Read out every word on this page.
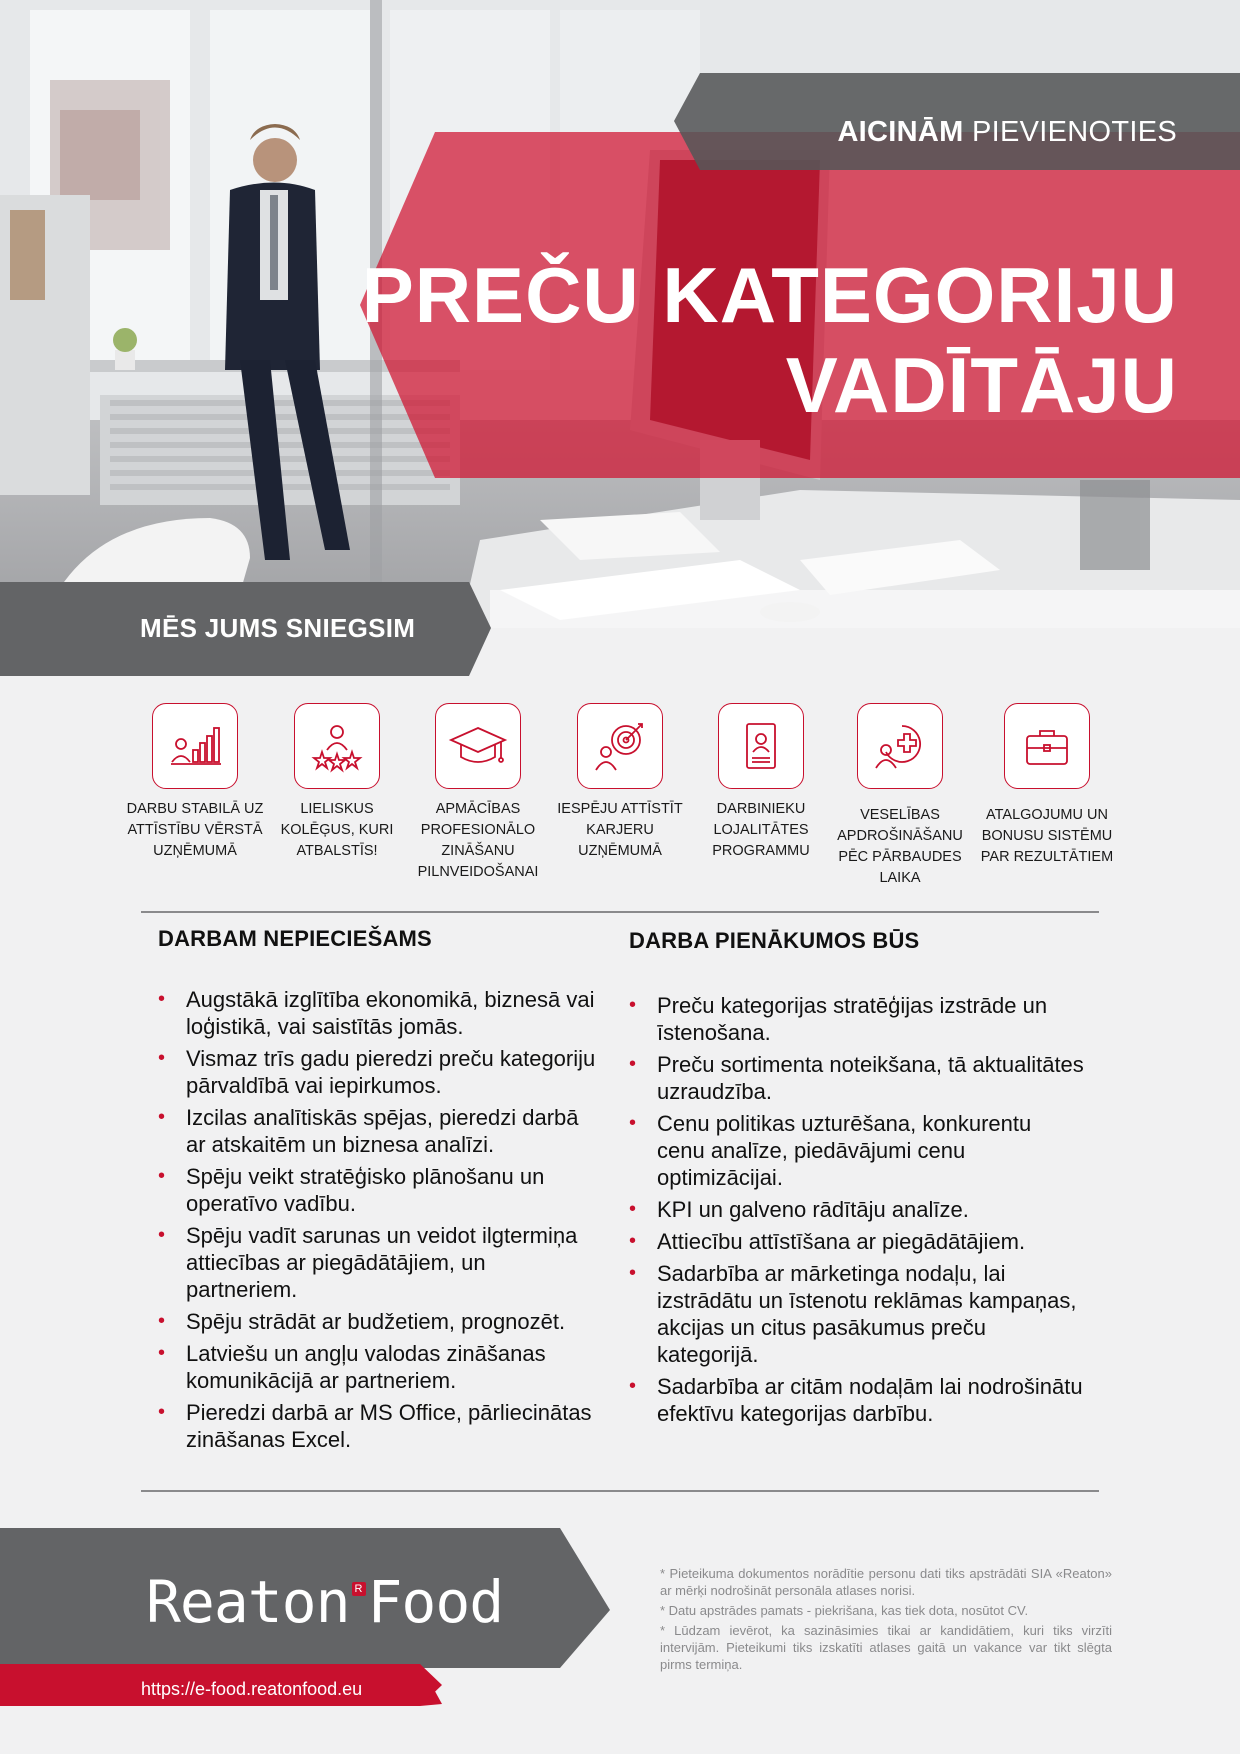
AICINĀM PIEVIENOTIES
PREČU KATEGORIJU
VADĪTĀJU
MĒS JUMS SNIEGSIM
DARBU STABILĀ UZ ATTĪSTĪBU VĒRSTĀ UZŅĒMUMĀ
LIELISKUS KOLĒĢUS, KURI ATBALSTĪS!
APMĀCĪBAS PROFESIONĀLO ZINĀŠANU PILNVEIDOŠANAI
IESPĒJU ATTĪSTĪT KARJERU UZŅĒMUMĀ
DARBINIEKU LOJALITĀTES PROGRAMMU
VESELĪBAS APDROŠINĀŠANU PĒC PĀRBAUDES LAIKA
ATALGOJUMU UN BONUSU SISTĒMU PAR REZULTĀTIEM
DARBAM NEPIECIEŠAMS
• Augstākā izglītība ekonomikā, biznesā vai loģistikā, vai saistītās jomās.
• Vismaz trīs gadu pieredzi preču kategoriju pārvaldībā vai iepirkumos.
• Izcilas analītiskās spējas, pieredzi darbā ar atskaitēm un biznesa analīzi.
• Spēju veikt stratēģisko plānošanu un operatīvo vadību.
• Spēju vadīt sarunas un veidot ilgtermiņa attiecības ar piegādātājiem, un partneriem.
• Spēju strādāt ar budžetiem, prognozēt.
• Latviešu un angļu valodas zināšanas komunikācijā ar partneriem.
• Pieredzi darbā ar MS Office, pārliecinātas zināšanas Excel.
DARBA PIENĀKUMOS BŪS
• Preču kategorijas stratēģijas izstrāde un īstenošana.
• Preču sortimenta noteikšana, tā aktualitātes uzraudzība.
• Cenu politikas uzturēšana, konkurentu cenu analīze, piedāvājumi cenu optimizācijai.
• KPI un galveno rādītāju analīze.
• Attiecību attīstīšana ar piegādātājiem.
• Sadarbība ar mārketinga nodaļu, lai izstrādātu un īstenotu reklāmas kampaņas, akcijas un citus pasākumus preču kategorijā.
• Sadarbība ar citām nodaļām lai nodrošinātu efektīvu kategorijas darbību.
Reaton RFood
https://e-food.reatonfood.eu

* Pieteikuma dokumentos norādītie personu dati tiks apstrādāti SIA «Reaton» ar mērķi nodrošināt personāla atlases norisi.

* Datu apstrādes pamats - piekrišana, kas tiek dota, nosūtot CV.

* Lūdzam ievērot, ka sazināsimies tikai ar kandidātiem, kuri tiks virzīti intervijām. Pieteikumi tiks izskatīti atlases gaitā un vakance var tikt slēgta pirms termiņa.
